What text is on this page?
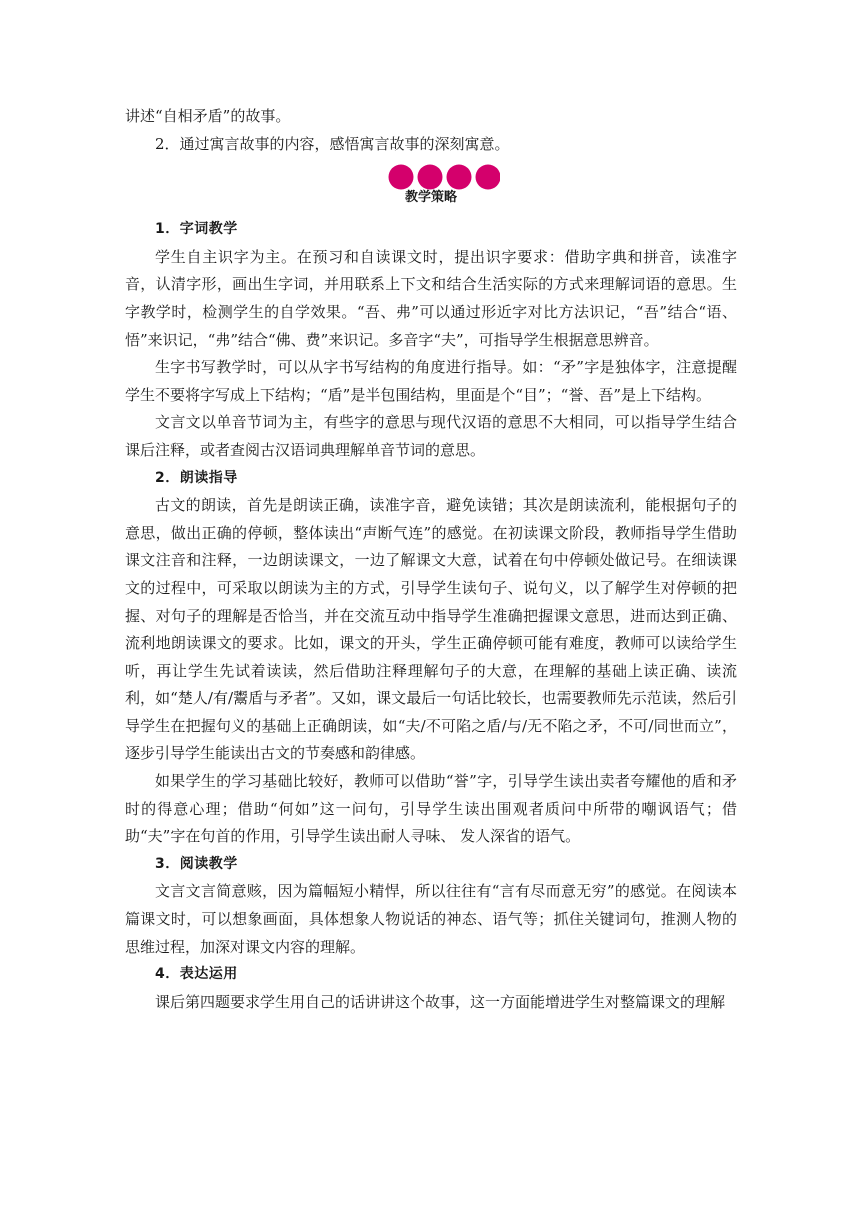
讲述“自相矛盾”的故事。

2．通过寓言故事的内容，感悟寓言故事的深刻寓意。

教学策略

1．字词教学

学生自主识字为主。在预习和自读课文时，提出识字要求：借助字典和拼音，读准字音，认清字形，画出生字词，并用联系上下文和结合生活实际的方式来理解词语的意思。生字教学时，检测学生的自学效果。“吾、弗”可以通过形近字对比方法识记，“吾”结合“语、悟”来识记，“弗”结合“佛、费”来识记。多音字“夫”，可指导学生根据意思辨音。

生字书写教学时，可以从字书写结构的角度进行指导。如：“矛”字是独体字，注意提醒学生不要将字写成上下结构；“盾”是半包围结构，里面是个“目”；“誉、吾”是上下结构。

文言文以单音节词为主，有些字的意思与现代汉语的意思不大相同，可以指导学生结合课后注释，或者查阅古汉语词典理解单音节词的意思。

2．朗读指导

古文的朗读，首先是朗读正确，读准字音，避免读错；其次是朗读流利，能根据句子的意思，做出正确的停顿，整体读出“声断气连”的感觉。在初读课文阶段，教师指导学生借助课文注音和注释，一边朗读课文，一边了解课文大意，试着在句中停顿处做记号。在细读课文的过程中，可采取以朗读为主的方式，引导学生读句子、说句义，以了解学生对停顿的把握、对句子的理解是否恰当，并在交流互动中指导学生准确把握课文意思，进而达到正确、流利地朗读课文的要求。比如，课文的开头，学生正确停顿可能有难度，教师可以读给学生听，再让学生先试着读读，然后借助注释理解句子的大意，在理解的基础上读正确、读流利，如“楚人/有/鬻盾与矛者”。又如，课文最后一句话比较长，也需要教师先示范读，然后引导学生在把握句义的基础上正确朗读，如“夫/不可陷之盾/与/无不陷之矛，不可/同世而立”，逐步引导学生能读出古文的节奏感和韵律感。

如果学生的学习基础比较好，教师可以借助“誉”字，引导学生读出卖者夸耀他的盾和矛时的得意心理；借助“何如”这一问句，引导学生读出围观者质问中所带的嘲讽语气；借助“夫”字在句首的作用，引导学生读出耐人寻味、 发人深省的语气。

3．阅读教学

文言文言简意赅，因为篇幅短小精悍，所以往往有“言有尽而意无穷”的感觉。在阅读本篇课文时，可以想象画面，具体想象人物说话的神态、语气等；抓住关键词句，推测人物的思维过程，加深对课文内容的理解。

4．表达运用

课后第四题要求学生用自己的话讲讲这个故事，这一方面能增进学生对整篇课文的理解
